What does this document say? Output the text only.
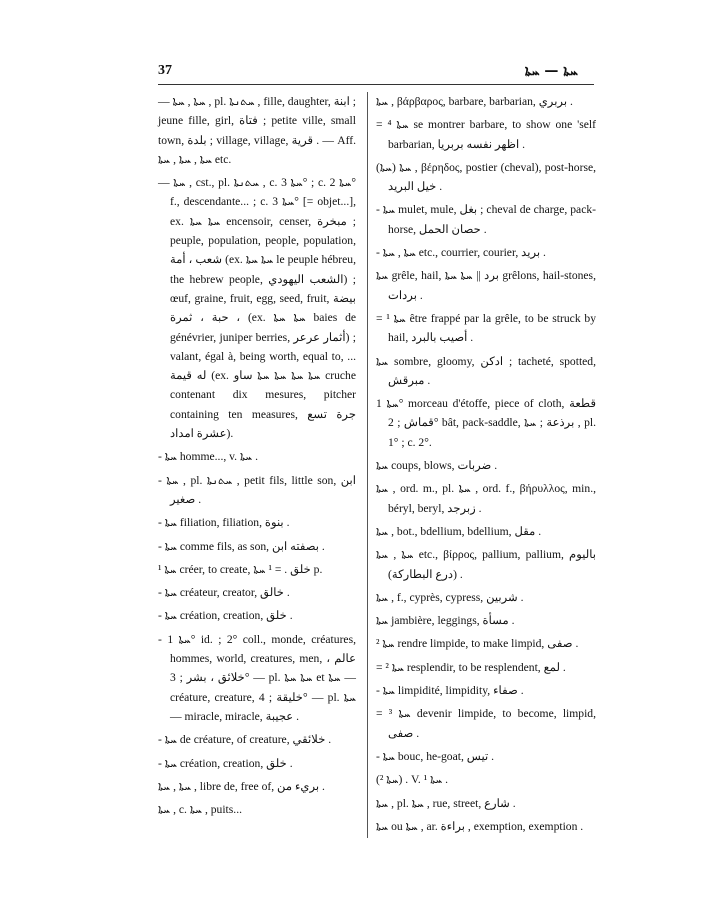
37	ܚܬܐ — ܚܬܐ

— ܚܬܐ , ܚܬܐ , pl. ܚܬܢܬܐ , fille, daughter, ابنة ; jeune fille, girl, فتاة ; petite ville, small town, بلدة ; village, village, قرية . — Aff. ܚܬܐ , ܚܬܐ , ܚܬܐ etc.

— ܚܬܐ , cst., pl. ܚܬܢܬܐ , c. ܚܬܐ 3° ; c. ܚܬܐ 2° f., descendante... ; c. ܚܬܐ 3° [= objet...], ex. ܚܬܐ ܚܬܐ encensoir, censer, مبخرة ; peuple, population, people, population, شعب ، أمة (ex. ܚܬܐ ܚܬܐ le peuple hébreu, the hebrew people, الشعب اليهودي) ; œuf, graine, fruit, egg, seed, fruit, بيضة ، حبة ، ثمرة (ex. ܚܬܐ ܚܬܐ baies de génévrier, juniper berries, أثمار عرعر) ; valant, égal à, being worth, equal to, ... له قيمة (ex. ܚܬܐ ܚܬܐ ܚܬܐ ܚܬܐ ساو cruche contenant dix mesures, pitcher containing ten measures, جرة تسع عشرة امداد).

- ܚܬܐ homme..., v. ܚܬܐ .

- ܚܬܐ , pl. ܚܬܢܬܐ , petit fils, little son, ابن صغير .

- ܚܬܐ filiation, filiation, بنوة .

- ܚܬܐ comme fils, as son, بصفته ابن .

¹ ܚܬܐ créer, to create, خلق . = ¹ ܚܬܐ p.

- ܚܬܐ créateur, creator, خالق .

- ܚܬܐ création, creation, خلق .

- ܚܬܐ 1° id. ; 2° coll., monde, créatures, hommes, world, creatures, men, عالم ، خلائق ، بشر ; 3° — pl. ܚܬܐ ܚܬܐ et ܚܬܐ — créature, creature, خليقة ; 4° — pl. ܚܬܐ — miracle, miracle, عجيبة .

- ܚܬܐ de créature, of creature, خلائقي .

- ܚܬܐ création, creation, خلق .

ܚܬܐ , ܚܬܐ , libre de, free of, بريء من .

ܚܬܐ , c. ܚܬܐ , puits...

ܚܬܐ , βάρβαρος, barbare, barbarian, بربري .

= ⁴ ܚܬܐ se montrer barbare, to show one 'self barbarian, اظهر نفسه بربريا .

ܚܬܐ (ܚܬܐ) , βέρηδος, postier (cheval), post-horse, خيل البريد .

- ܚܬܐ mulet, mule, بغل ; cheval de charge, pack-horse, حصان الحمل .

- ܚܬܐ , ܚܬܐ etc., courrier, courier, بريد .

ܚܬܐ grêle, hail, برد || ܚܬܐ ܚܬܐ grêlons, hail-stones, بردات .

= ¹ ܚܬܐ être frappé par la grêle, to be struck by hail, أصيب بالبرد .

ܚܬܐ sombre, gloomy, ادكن ; tacheté, spotted, مبرقش .

ܚܬܐ 1° morceau d'étoffe, piece of cloth, قطعة قماش ; 2° bât, pack-saddle, برذعة ; ܚܬܐ , pl. 1° ; c. 2°.

ܚܬܐ coups, blows, ضربات .

ܚܬܐ , ord. m., pl. ܚܬܐ , ord. f., βήρυλλος, min., béryl, beryl, زبرجد .

ܚܬܐ , bot., bdellium, bdellium, مقل .

ܚܬܐ , ܚܬܐ etc., βίρρος, pallium, pallium, باليوم (درع البطاركة) .

ܚܬܐ , f., cyprès, cypress, شربين .

ܚܬܐ jambière, leggings, مسأة .

² ܚܬܐ rendre limpide, to make limpid, صفى .

= ² ܚܬܐ resplendir, to be resplendent, لمع .

- ܚܬܐ limpidité, limpidity, صفاء .

= ³ ܚܬܐ devenir limpide, to become, limpid, صفى .

- ܚܬܐ bouc, he-goat, تيس .

(ܚܬܐ ²) . V. ¹ ܚܬܐ .

ܚܬܐ , pl. ܚܬܐ , rue, street, شارع .

ܚܬܐ ou ܚܬܐ , ar. براءة , exemption, exemption .
